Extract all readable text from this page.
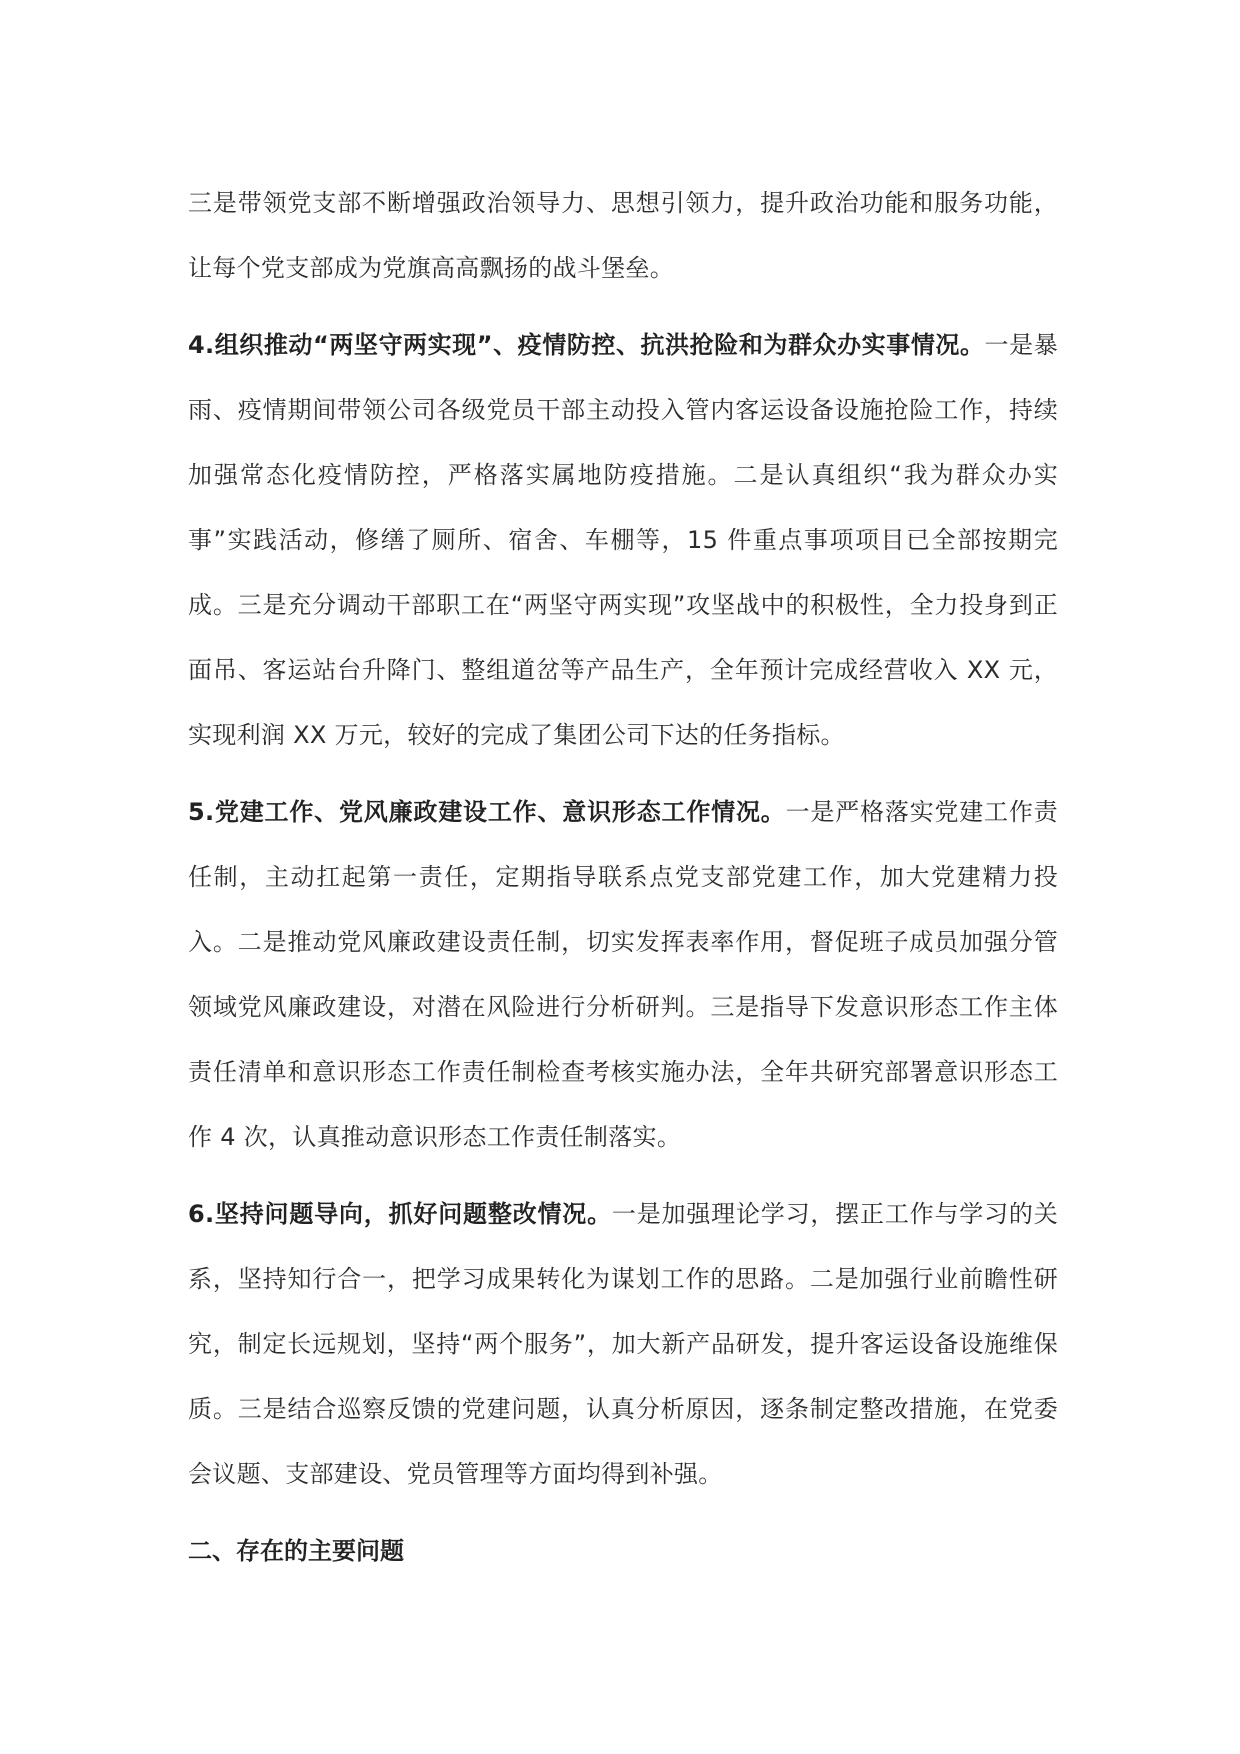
三是带领党支部不断增强政治领导力、思想引领力，提升政治功能和服务功能，让每个党支部成为党旗高高飘扬的战斗堡垒。

4.组织推动“两坚守两实现”、疫情防控、抗洪抢险和为群众办实事情况。一是暴雨、疫情期间带领公司各级党员干部主动投入管内客运设备设施抢险工作，持续加强常态化疫情防控，严格落实属地防疫措施。二是认真组织“我为群众办实事”实践活动，修缮了厕所、宿舍、车棚等，15 件重点事项项目已全部按期完成。三是充分调动干部职工在“两坚守两实现”攻坚战中的积极性，全力投身到正面吊、客运站台升降门、整组道岔等产品生产，全年预计完成经营收入 XX 元，实现利润 XX 万元，较好的完成了集团公司下达的任务指标。

5.党建工作、党风廉政建设工作、意识形态工作情况。一是严格落实党建工作责任制，主动扛起第一责任，定期指导联系点党支部党建工作，加大党建精力投入。二是推动党风廉政建设责任制，切实发挥表率作用，督促班子成员加强分管领域党风廉政建设，对潜在风险进行分析研判。三是指导下发意识形态工作主体责任清单和意识形态工作责任制检查考核实施办法，全年共研究部署意识形态工作 4 次，认真推动意识形态工作责任制落实。

6.坚持问题导向，抓好问题整改情况。一是加强理论学习，摆正工作与学习的关系，坚持知行合一，把学习成果转化为谋划工作的思路。二是加强行业前瞻性研究，制定长远规划，坚持“两个服务”，加大新产品研发，提升客运设备设施维保质。三是结合巡察反馈的党建问题，认真分析原因，逐条制定整改措施，在党委会议题、支部建设、党员管理等方面均得到补强。

二、存在的主要问题
